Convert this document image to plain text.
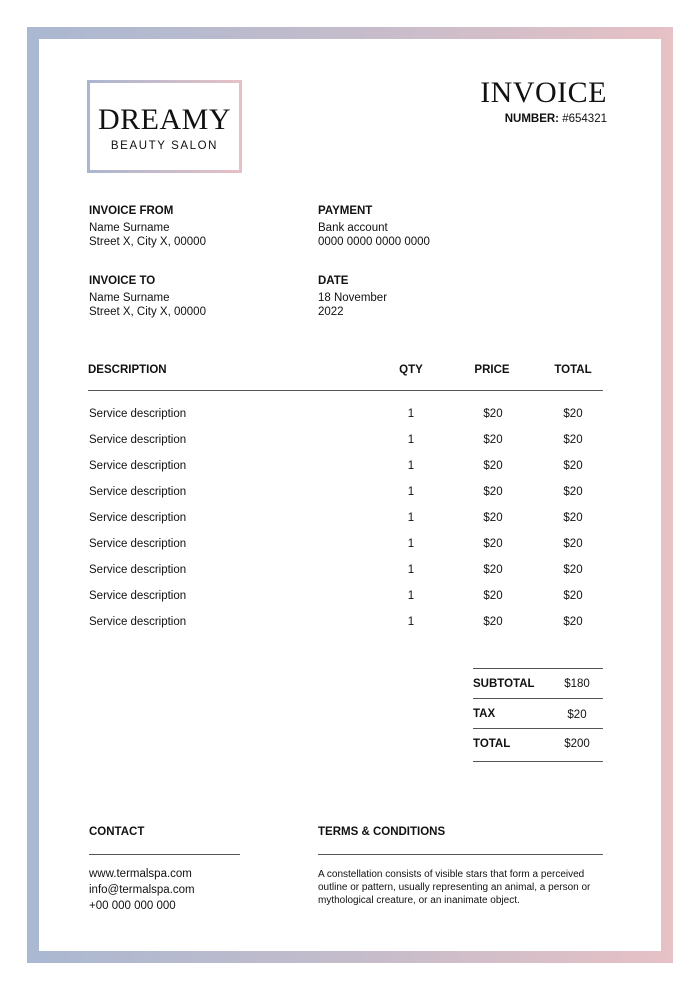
DREAMY
BEAUTY SALON
INVOICE
NUMBER: #654321
INVOICE FROM
Name Surname
Street X, City X, 00000
PAYMENT
Bank account
0000 0000 0000 0000
INVOICE TO
Name Surname
Street X, City X, 00000
DATE
18 November
2022
DESCRIPTION	QTY	PRICE	TOTAL
Service description	1	$20	$20
Service description	1	$20	$20
Service description	1	$20	$20
Service description	1	$20	$20
Service description	1	$20	$20
Service description	1	$20	$20
Service description	1	$20	$20
Service description	1	$20	$20
Service description	1	$20	$20
SUBTOTAL	$180
TAX	$20
TOTAL	$200
CONTACT
www.termalspa.com
info@termalspa.com
+00 000 000 000
TERMS & CONDITIONS
A constellation consists of visible stars that form a perceived outline or pattern, usually representing an animal, a person or mythological creature, or an inanimate object.
